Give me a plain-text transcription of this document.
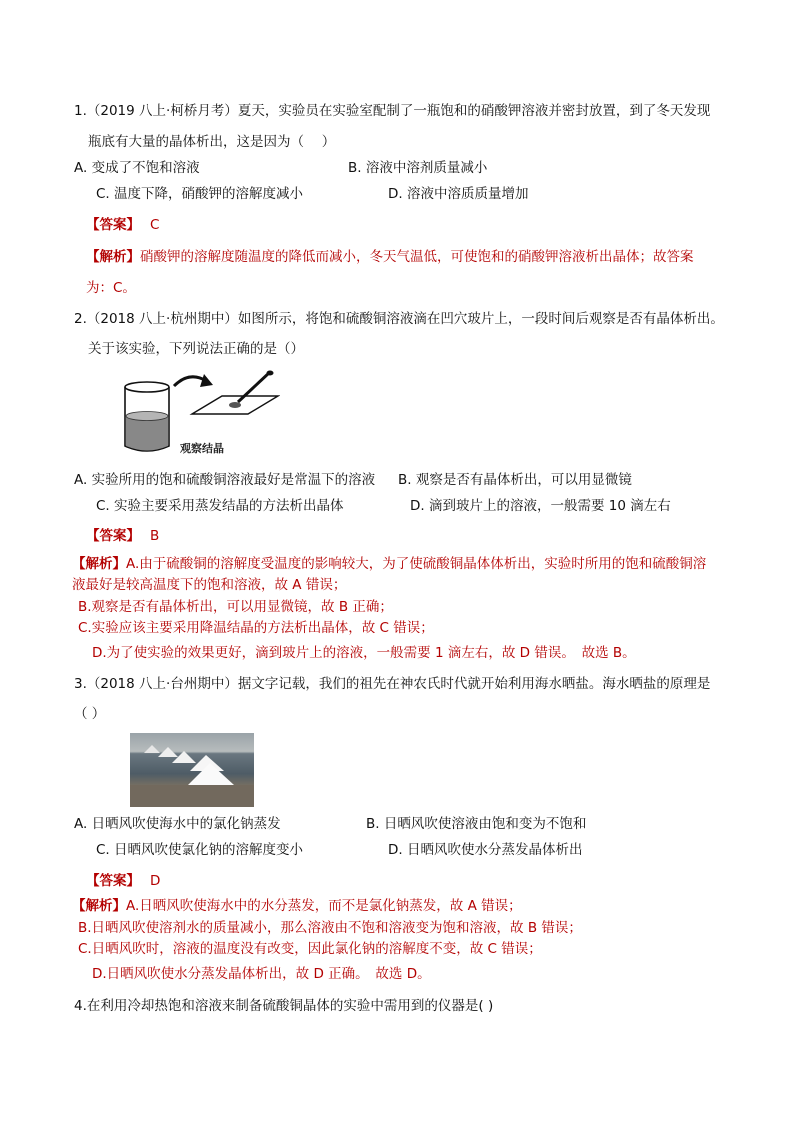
1.（2019 八上·柯桥月考）夏天，实验员在实验室配制了一瓶饱和的硝酸钾溶液并密封放置，到了冬天发现
瓶底有大量的晶体析出，这是因为（　 ）
A. 变成了不饱和溶液	B. 溶液中溶剂质量减小
C. 温度下降，硝酸钾的溶解度减小	D. 溶液中溶质质量增加
【答案】 C
【解析】硝酸钾的溶解度随温度的降低而减小，冬天气温低，可使饱和的硝酸钾溶液析出晶体；故答案
为：C。
2.（2018 八上·杭州期中）如图所示，将饱和硫酸铜溶液滴在凹穴玻片上，一段时间后观察是否有晶体析出。
关于该实验，下列说法正确的是（）
观察结晶
A. 实验所用的饱和硫酸铜溶液最好是常温下的溶液 B. 观察是否有晶体析出，可以用显微镜
C. 实验主要采用蒸发结晶的方法析出晶体	D. 滴到玻片上的溶液，一般需要 10 滴左右
【答案】 B
【解析】A.由于硫酸铜的溶解度受温度的影响较大，为了使硫酸铜晶体体析出，实验时所用的饱和硫酸铜溶
液最好是较高温度下的饱和溶液，故 A 错误；
B.观察是否有晶体析出，可以用显微镜，故 B 正确；
C.实验应该主要采用降温结晶的方法析出晶体，故 C 错误；
D.为了使实验的效果更好，滴到玻片上的溶液，一般需要 1 滴左右，故 D 错误。　故选 B。
3.（2018 八上·台州期中）据文字记载，我们的祖先在神农氏时代就开始利用海水晒盐。海水晒盐的原理是
（ ）
A. 日晒风吹使海水中的氯化钠蒸发	B. 日晒风吹使溶液由饱和变为不饱和
C. 日晒风吹使氯化钠的溶解度变小	D. 日晒风吹使水分蒸发晶体析出
【答案】 D
【解析】A.日晒风吹使海水中的水分蒸发，而不是氯化钠蒸发，故 A 错误；
B.日晒风吹使溶剂水的质量减小，那么溶液由不饱和溶液变为饱和溶液，故 B 错误；
C.日晒风吹时，溶液的温度没有改变，因此氯化钠的溶解度不变，故 C 错误；
D.日晒风吹使水分蒸发晶体析出，故 D 正确。　故选 D。
4.在利用冷却热饱和溶液来制备硫酸铜晶体的实验中需用到的仪器是( )
